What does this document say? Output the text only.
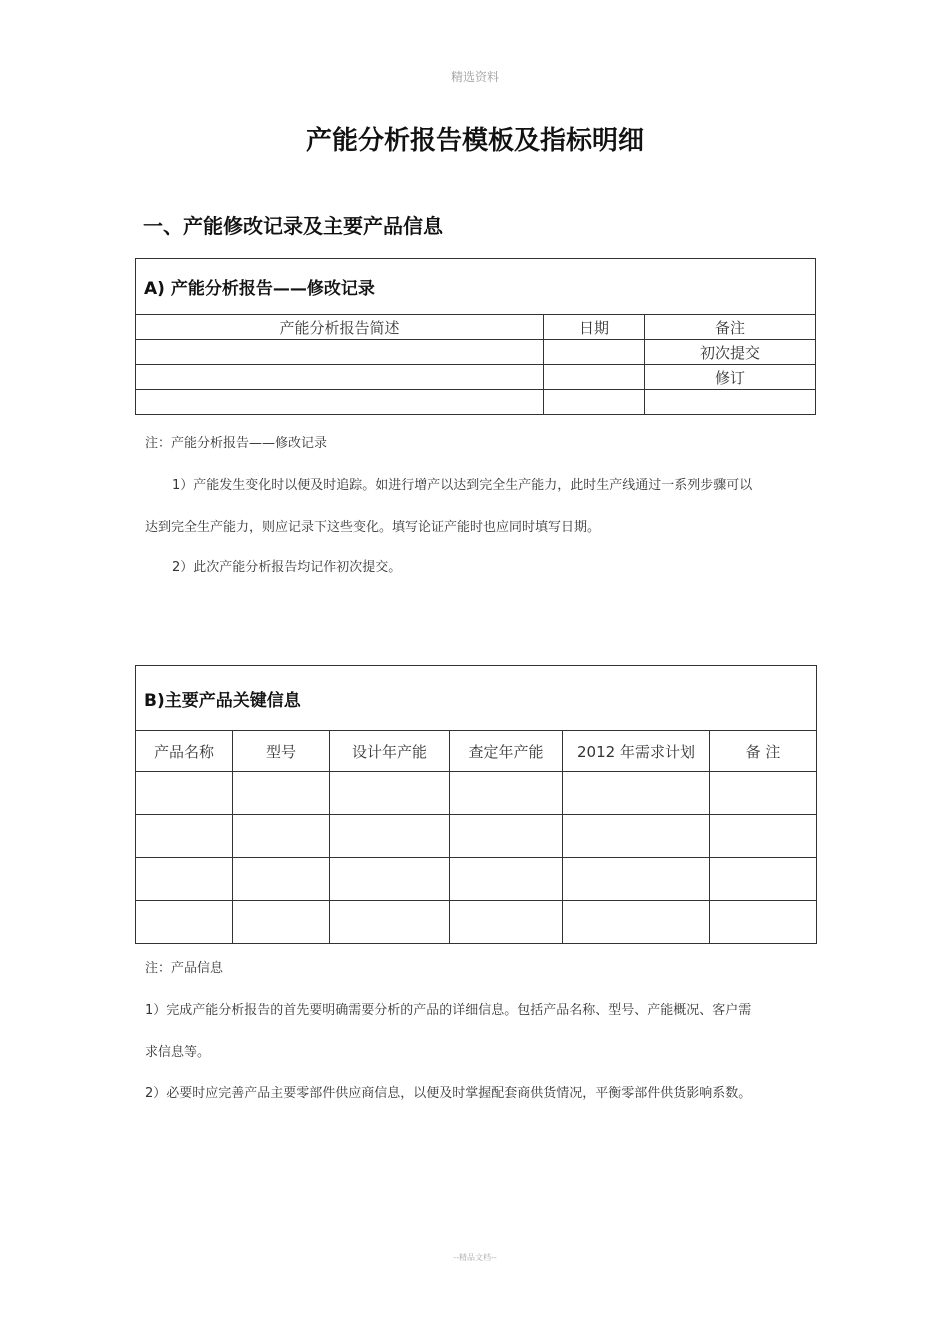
精选资料
产能分析报告模板及指标明细
一、产能修改记录及主要产品信息
A) 产能分析报告——修改记录		
产能分析报告简述	日期	备注
		初次提交
		修订

注：产能分析报告——修改记录
1）产能发生变化时以便及时追踪。如进行增产以达到完全生产能力，此时生产线通过一系列步骤可以
达到完全生产能力，则应记录下这些变化。填写论证产能时也应同时填写日期。
2）此次产能分析报告均记作初次提交。
B)主要产品关键信息					
产品名称	型号	设计年产能	查定年产能	2012 年需求计划	备 注

注：产品信息
1）完成产能分析报告的首先要明确需要分析的产品的详细信息。包括产品名称、型号、产能概况、客户需
求信息等。
2）必要时应完善产品主要零部件供应商信息，以便及时掌握配套商供货情况，平衡零部件供货影响系数。
--精品文档--
